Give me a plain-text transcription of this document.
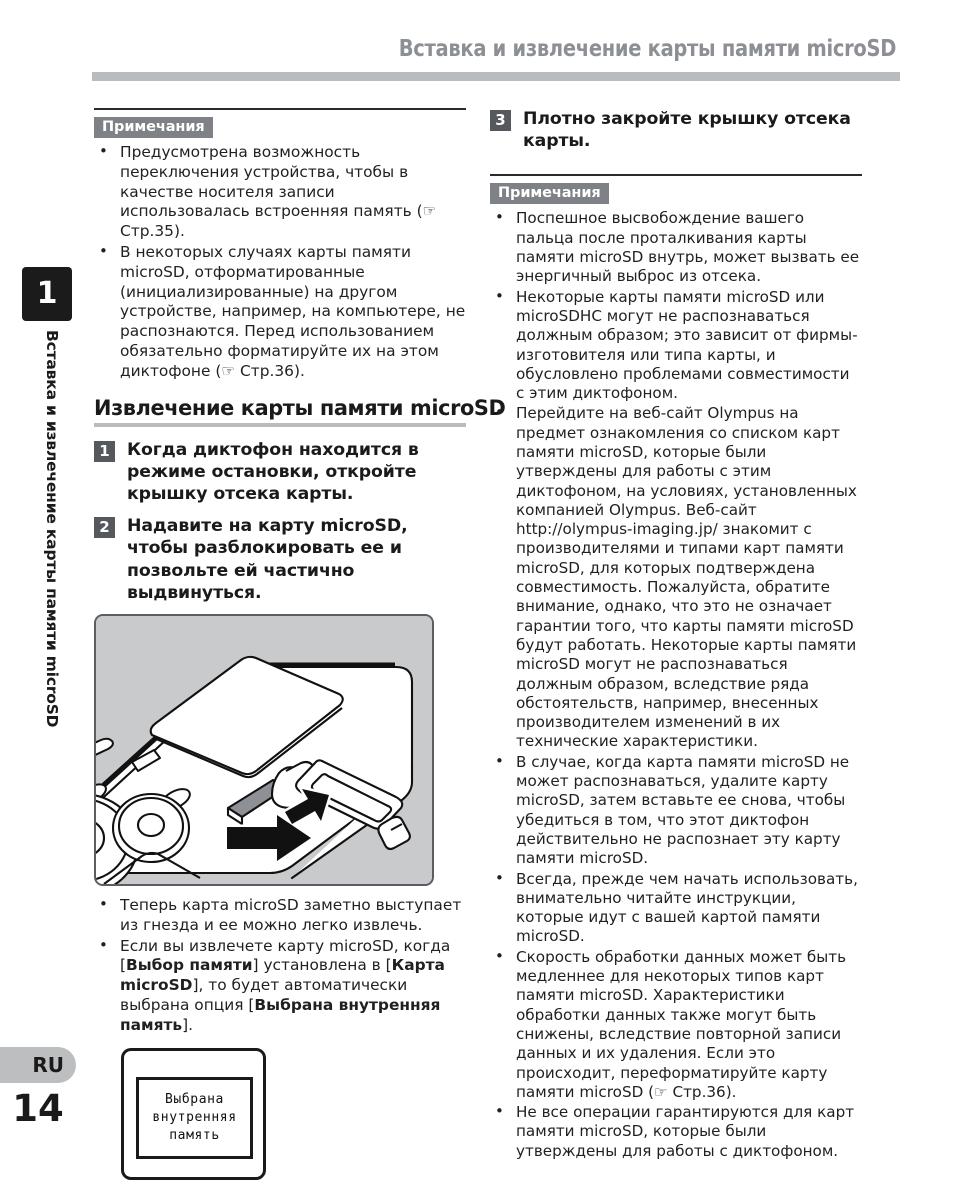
Вставка и извлечение карты памяти microSD
1
Вставка и извлечение карты памяти microSD
RU
14
Примечания
• Предусмотрена возможность переключения устройства, чтобы в качестве носителя записи использовалась встроенняя память (☞ Стр.35).
• В некоторых случаях карты памяти microSD, отформатированные (инициализированные) на другом устройстве, например, на компьютере, не распознаются. Перед использованием обязательно форматируйте их на этом диктофоне (☞ Стр.36).
Извлечение карты памяти microSD
1 Когда диктофон находится в режиме остановки, откройте крышку отсека карты.
2 Надавите на карту microSD, чтобы разблокировать ее и позвольте ей частично выдвинуться.
• Теперь карта microSD заметно выступает из гнезда и ее можно легко извлечь.
• Если вы извлечете карту microSD, когда [Выбор памяти] установлена в [Карта microSD], то будет автоматически выбрана опция [Выбрана внутренняя память].
Выбрана
внутренняя
память
3 Плотно закройте крышку отсека карты.
Примечания
• Поспешное высвобождение вашего пальца после проталкивания карты памяти microSD внутрь, может вызвать ее энергичный выброс из отсека.
• Некоторые карты памяти microSD или microSDHC могут не распознаваться должным образом; это зависит от фирмы-изготовителя или типа карты, и обусловлено проблемами совместимости с этим диктофоном.
• Перейдите на веб-сайт Olympus на предмет ознакомления со списком карт памяти microSD, которые были утверждены для работы с этим диктофоном, на условиях, установленных компанией Olympus. Веб-сайт http://olympus-imaging.jp/ знакомит с производителями и типами карт памяти microSD, для которых подтверждена совместимость. Пожалуйста, обратите внимание, однако, что это не означает гарантии того, что карты памяти microSD будут работать. Некоторые карты памяти microSD могут не распознаваться должным образом, вследствие ряда обстоятельств, например, внесенных производителем изменений в их технические характеристики.
• В случае, когда карта памяти microSD не может распознаваться, удалите карту microSD, затем вставьте ее снова, чтобы убедиться в том, что этот диктофон действительно не распознает эту карту памяти microSD.
• Всегда, прежде чем начать использовать, внимательно читайте инструкции, которые идут с вашей картой памяти microSD.
• Скорость обработки данных может быть медленнее для некоторых типов карт памяти microSD. Характеристики обработки данных также могут быть снижены, вследствие повторной записи данных и их удаления. Если это происходит, переформатируйте карту памяти microSD (☞ Стр.36).
• Не все операции гарантируются для карт памяти microSD, которые были утверждены для работы с диктофоном.
